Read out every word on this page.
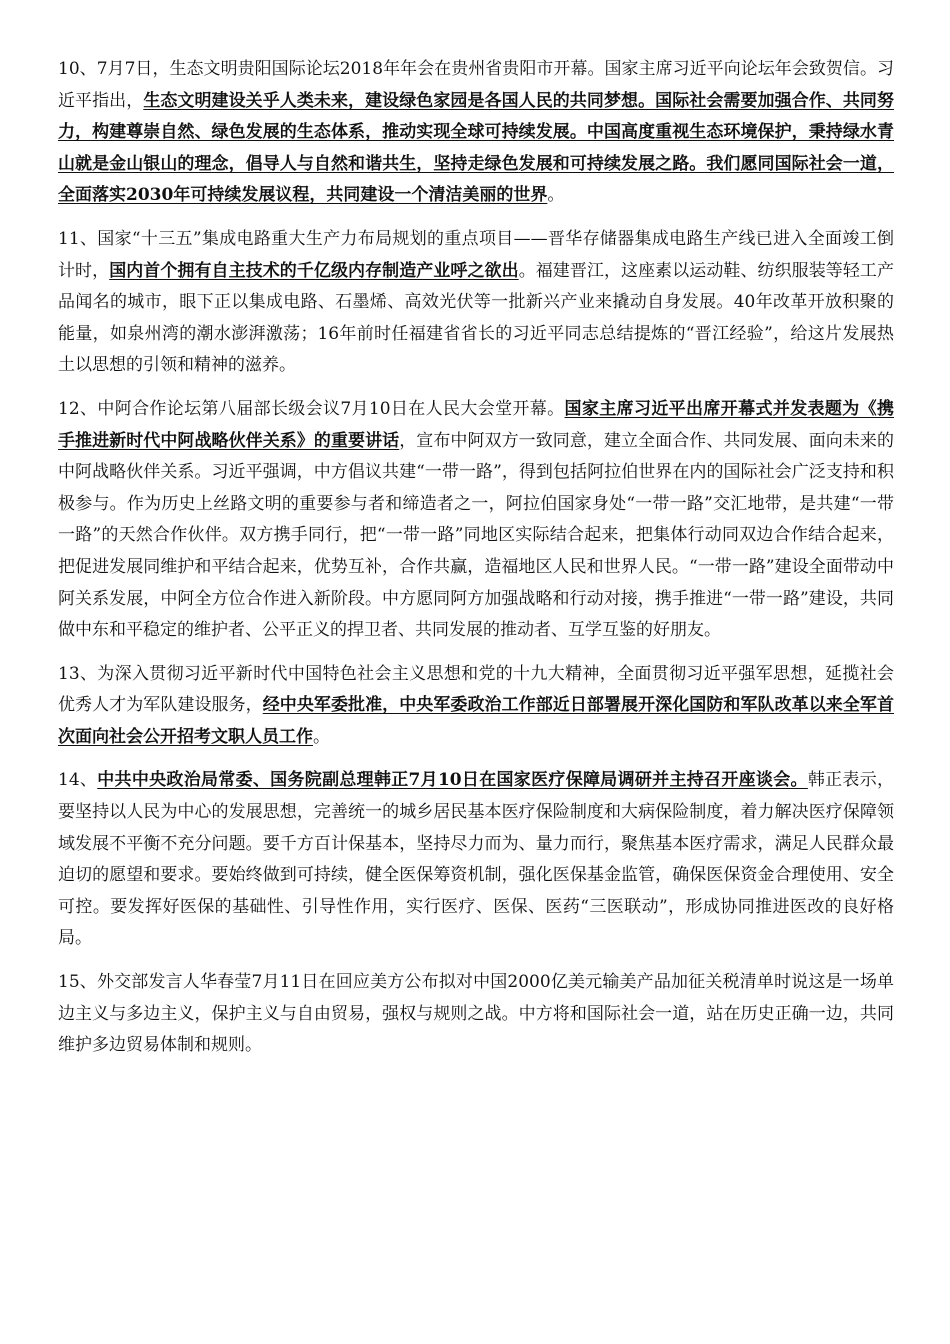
10、7月7日，生态文明贵阳国际论坛2018年年会在贵州省贵阳市开幕。国家主席习近平向论坛年会致贺信。习近平指出，生态文明建设关乎人类未来，建设绿色家园是各国人民的共同梦想。国际社会需要加强合作、共同努力，构建尊崇自然、绿色发展的生态体系，推动实现全球可持续发展。中国高度重视生态环境保护，秉持绿水青山就是金山银山的理念，倡导人与自然和谐共生，坚持走绿色发展和可持续发展之路。我们愿同国际社会一道，全面落实2030年可持续发展议程，共同建设一个清洁美丽的世界。

11、国家“十三五”集成电路重大生产力布局规划的重点项目——晋华存储器集成电路生产线已进入全面竣工倒计时，国内首个拥有自主技术的千亿级内存制造产业呼之欲出。福建晋江，这座素以运动鞋、纺织服装等轻工产品闻名的城市，眼下正以集成电路、石墨烯、高效光伏等一批新兴产业来撬动自身发展。40年改革开放积聚的能量，如泉州湾的潮水澎湃激荡；16年前时任福建省省长的习近平同志总结提炼的“晋江经验”，给这片发展热土以思想的引领和精神的滋养。

12、中阿合作论坛第八届部长级会议7月10日在人民大会堂开幕。国家主席习近平出席开幕式并发表题为《携手推进新时代中阿战略伙伴关系》的重要讲话，宣布中阿双方一致同意，建立全面合作、共同发展、面向未来的中阿战略伙伴关系。习近平强调，中方倡议共建“一带一路”，得到包括阿拉伯世界在内的国际社会广泛支持和积极参与。作为历史上丝路文明的重要参与者和缔造者之一，阿拉伯国家身处“一带一路”交汇地带，是共建“一带一路”的天然合作伙伴。双方携手同行，把“一带一路”同地区实际结合起来，把集体行动同双边合作结合起来，把促进发展同维护和平结合起来，优势互补，合作共赢，造福地区人民和世界人民。“一带一路”建设全面带动中阿关系发展，中阿全方位合作进入新阶段。中方愿同阿方加强战略和行动对接，携手推进“一带一路”建设，共同做中东和平稳定的维护者、公平正义的捍卫者、共同发展的推动者、互学互鉴的好朋友。

13、为深入贯彻习近平新时代中国特色社会主义思想和党的十九大精神，全面贯彻习近平强军思想，延揽社会优秀人才为军队建设服务，经中央军委批准，中央军委政治工作部近日部署展开深化国防和军队改革以来全军首次面向社会公开招考文职人员工作。

14、中共中央政治局常委、国务院副总理韩正7月10日在国家医疗保障局调研并主持召开座谈会。韩正表示，要坚持以人民为中心的发展思想，完善统一的城乡居民基本医疗保险制度和大病保险制度，着力解决医疗保障领域发展不平衡不充分问题。要千方百计保基本，坚持尽力而为、量力而行，聚焦基本医疗需求，满足人民群众最迫切的愿望和要求。要始终做到可持续，健全医保筹资机制，强化医保基金监管，确保医保资金合理使用、安全可控。要发挥好医保的基础性、引导性作用，实行医疗、医保、医药“三医联动”，形成协同推进医改的良好格局。

15、外交部发言人华春莹7月11日在回应美方公布拟对中国2000亿美元输美产品加征关税清单时说这是一场单边主义与多边主义，保护主义与自由贸易，强权与规则之战。中方将和国际社会一道，站在历史正确一边，共同维护多边贸易体制和规则。
